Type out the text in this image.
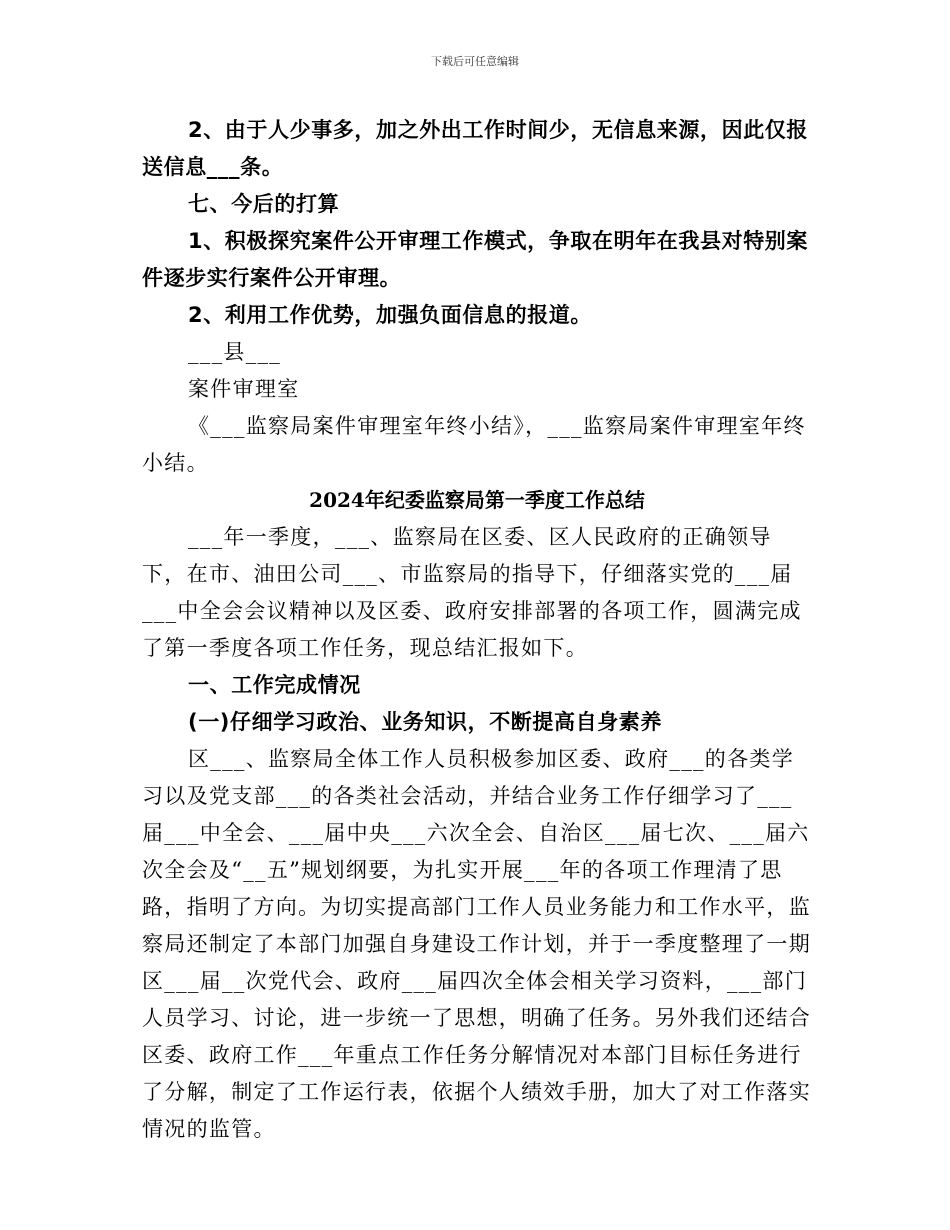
下载后可任意编辑

2、由于人少事多，加之外出工作时间少，无信息来源，因此仅报送信息___条。

七、今后的打算

1、积极探究案件公开审理工作模式，争取在明年在我县对特别案件逐步实行案件公开审理。

2、利用工作优势，加强负面信息的报道。

___县___

案件审理室

《___监察局案件审理室年终小结》，___监察局案件审理室年终小结。

2024年纪委监察局第一季度工作总结

___年一季度，___、监察局在区委、区人民政府的正确领导下，在市、油田公司___、市监察局的指导下，仔细落实党的___届___中全会会议精神以及区委、政府安排部署的各项工作，圆满完成了第一季度各项工作任务，现总结汇报如下。

一、工作完成情况

(一)仔细学习政治、业务知识，不断提高自身素养

区___、监察局全体工作人员积极参加区委、政府___的各类学习以及党支部___的各类社会活动，并结合业务工作仔细学习了___届___中全会、___届中央___六次全会、自治区___届七次、___届六次全会及“__五”规划纲要，为扎实开展___年的各项工作理清了思路，指明了方向。为切实提高部门工作人员业务能力和工作水平，监察局还制定了本部门加强自身建设工作计划，并于一季度整理了一期区___届__次党代会、政府___届四次全体会相关学习资料，___部门人员学习、讨论，进一步统一了思想，明确了任务。另外我们还结合区委、政府工作___年重点工作任务分解情况对本部门目标任务进行了分解，制定了工作运行表，依据个人绩效手册，加大了对工作落实情况的监管。
